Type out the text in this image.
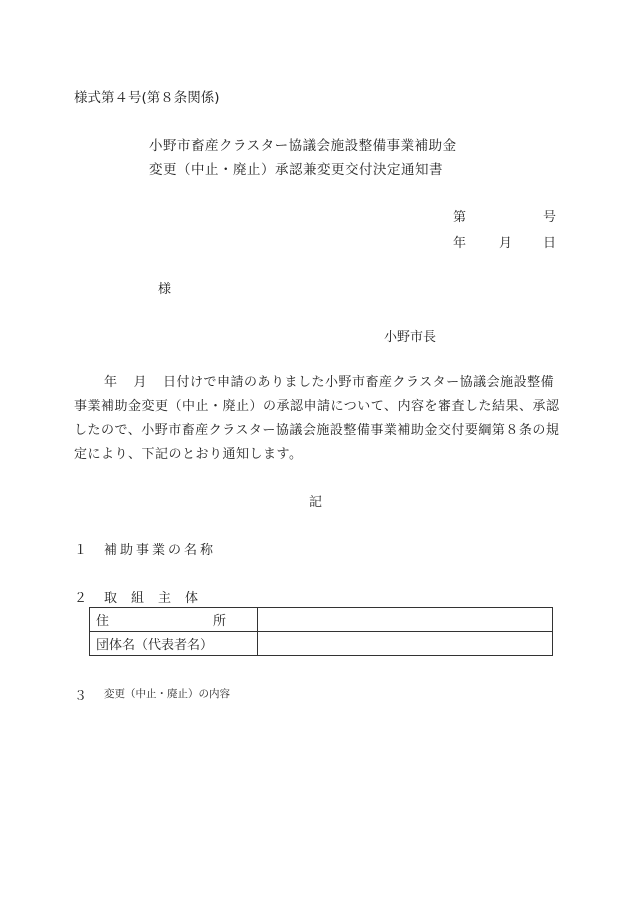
様式第４号(第８条関係)
小野市畜産クラスター協議会施設整備事業補助金
変更（中止・廃止）承認兼変更交付決定通知書
第	号
年	月 日
様
小野市長
年 月 日付けで申請のありました小野市畜産クラスター協議会施設整備事業補助金変更（中止・廃止）の承認申請について、内容を審査した結果、承認したので、小野市畜産クラスター協議会施設整備事業補助金交付要綱第８条の規定により、下記のとおり通知します。
記
１ 補助事業の名称
２ 取組主体
住 所	

団体名（代表者名）	
３ 変更（中止・廃止）の内容
